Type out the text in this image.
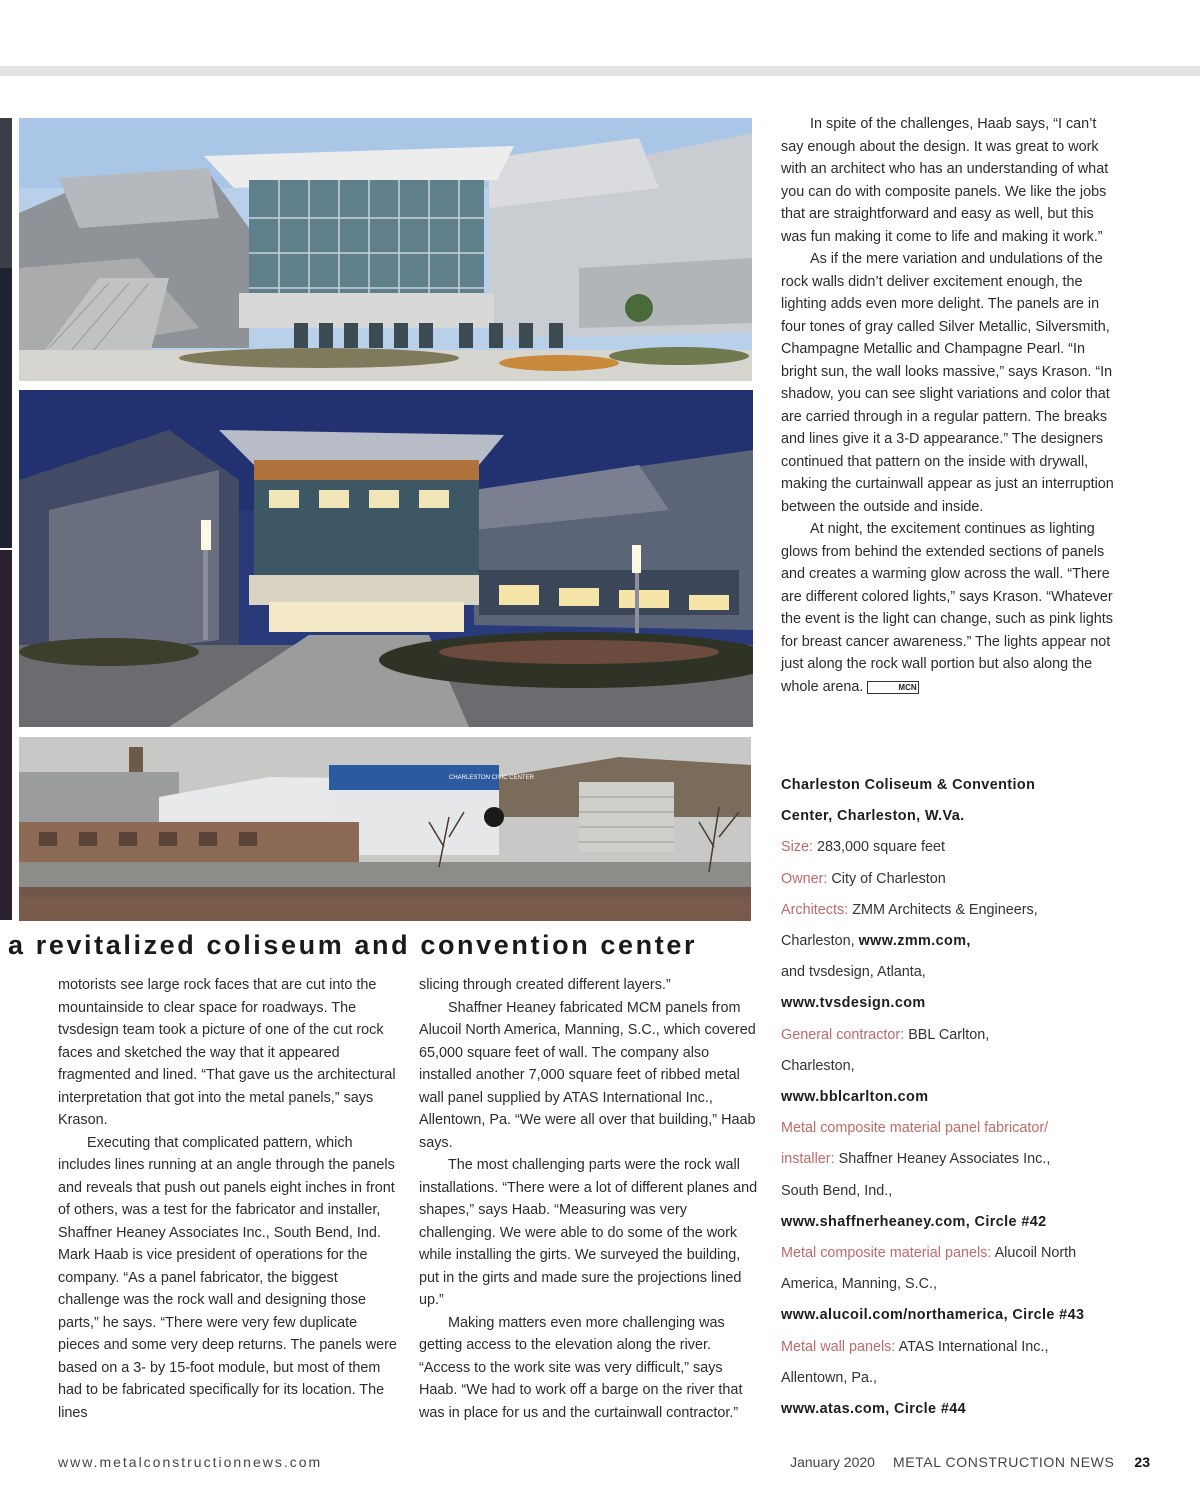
CHARLESTON CIVIC CENTER
a revitalized coliseum and convention center

motorists see large rock faces that are cut into the mountainside to clear space for roadways. The tvsdesign team took a picture of one of the cut rock faces and sketched the way that it appeared fragmented and lined. “That gave us the architectural interpretation that got into the metal panels,” says Krason.

Executing that complicated pattern, which includes lines running at an angle through the panels and reveals that push out panels eight inches in front of others, was a test for the fabricator and installer, Shaffner Heaney Associates Inc., South Bend, Ind. Mark Haab is vice president of operations for the company. “As a panel fabricator, the biggest challenge was the rock wall and designing those parts,” he says. “There were very few duplicate pieces and some very deep returns. The panels were based on a 3- by 15-foot module, but most of them had to be fabricated specifically for its location. The lines

slicing through created different layers.”

Shaffner Heaney fabricated MCM panels from Alucoil North America, Manning, S.C., which covered 65,000 square feet of wall. The company also installed another 7,000 square feet of ribbed metal wall panel supplied by ATAS International Inc., Allentown, Pa. “We were all over that building,” Haab says.

The most challenging parts were the rock wall installations. “There were a lot of different planes and shapes,” says Haab. “Measuring was very challenging. We were able to do some of the work while installing the girts. We surveyed the building, put in the girts and made sure the projections lined up.”

Making matters even more challenging was getting access to the elevation along the river. “Access to the work site was very difficult,” says Haab. “We had to work off a barge on the river that was in place for us and the curtainwall contractor.”

In spite of the challenges, Haab says, “I can’t say enough about the design. It was great to work with an architect who has an understanding of what you can do with composite panels. We like the jobs that are straightforward and easy as well, but this was fun making it come to life and making it work.”

As if the mere variation and undulations of the rock walls didn’t deliver excitement enough, the lighting adds even more delight. The panels are in four tones of gray called Silver Metallic, Silversmith, Champagne Metallic and Champagne Pearl. “In bright sun, the wall looks massive,” says Krason. “In shadow, you can see slight variations and color that are carried through in a regular pattern. The breaks and lines give it a 3-D appearance.” The designers continued that pattern on the inside with drywall, making the curtainwall appear as just an interruption between the outside and inside.

At night, the excitement continues as lighting glows from behind the extended sections of panels and creates a warming glow across the wall. “There are different colored lights,” says Krason. “Whatever the event is the light can change, such as pink lights for breast cancer awareness.” The lights appear not just along the rock wall portion but also along the whole arena.	MCN

Charleston Coliseum & Convention
Center, Charleston, W.Va.
Size: 283,000 square feet
Owner: City of Charleston
Architects: ZMM Architects & Engineers,
Charleston, www.zmm.com,
and tvsdesign, Atlanta,
www.tvsdesign.com
General contractor: BBL Carlton,
Charleston,
www.bblcarlton.com
Metal composite material panel fabricator/
installer: Shaffner Heaney Associates Inc.,
South Bend, Ind.,
www.shaffnerheaney.com, Circle #42
Metal composite material panels: Alucoil North
America, Manning, S.C.,
www.alucoil.com/northamerica, Circle #43
Metal wall panels: ATAS International Inc.,
Allentown, Pa.,
www.atas.com, Circle #44
www.metalconstructionnews.com	January 2020 METAL CONSTRUCTION NEWS 23
